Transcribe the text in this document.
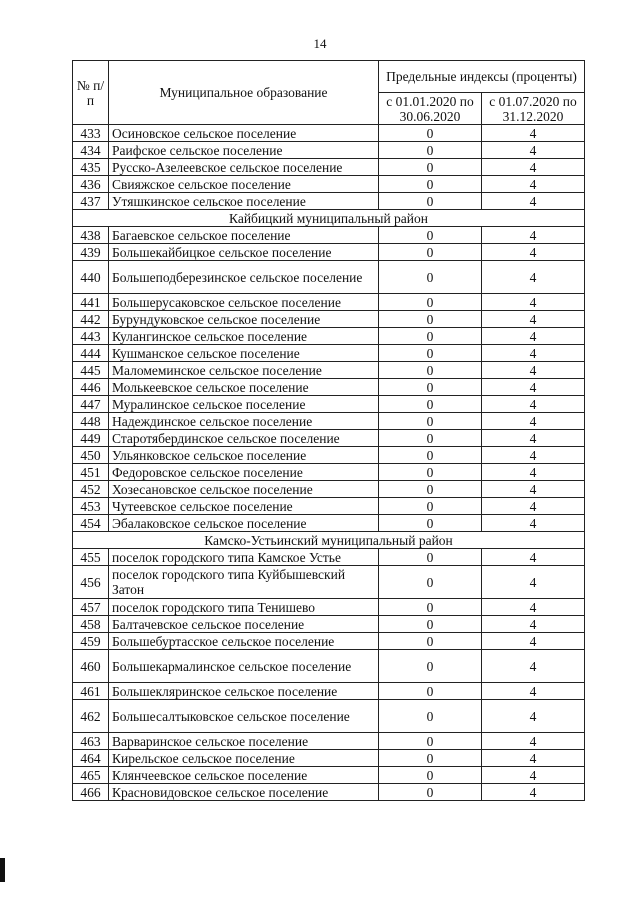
14
№ п/п	Муниципальное образование	Предельные индексы (проценты)	
		с 01.01.2020 по 30.06.2020	с 01.07.2020 по 31.12.2020
433	Осиновское сельское поселение	0	4
434	Раифское сельское поселение	0	4
435	Русско-Азелеевское сельское поселение	0	4
436	Свияжское сельское поселение	0	4
437	Утяшкинское сельское поселение	0	4
Кайбицкий муниципальный район			
438	Багаевское сельское поселение	0	4
439	Большекайбицкое сельское поселение	0	4
440	Большеподберезинское сельское поселение	0	4
441	Большерусаковское сельское поселение	0	4
442	Бурундуковское сельское поселение	0	4
443	Кулангинское сельское поселение	0	4
444	Кушманское сельское поселение	0	4
445	Маломеминское сельское поселение	0	4
446	Молькеевское сельское поселение	0	4
447	Муралинское сельское поселение	0	4
448	Надеждинское сельское поселение	0	4
449	Старотябердинское сельское поселение	0	4
450	Ульянковское сельское поселение	0	4
451	Федоровское сельское поселение	0	4
452	Хозесановское сельское поселение	0	4
453	Чутеевское сельское поселение	0	4
454	Эбалаковское сельское поселение	0	4
Камско-Устьинский муниципальный район			
455	поселок городского типа Камское Устье	0	4
456	поселок городского типа Куйбышевский Затон	0	4
457	поселок городского типа Тенишево	0	4
458	Балтачевское сельское поселение	0	4
459	Большебуртасское сельское поселение	0	4
460	Большекармалинское сельское поселение	0	4
461	Большекляринское сельское поселение	0	4
462	Большесалтыковское сельское поселение	0	4
463	Варваринское сельское поселение	0	4
464	Кирельское сельское поселение	0	4
465	Клянчеевское сельское поселение	0	4
466	Красновидовское сельское поселение	0	4
